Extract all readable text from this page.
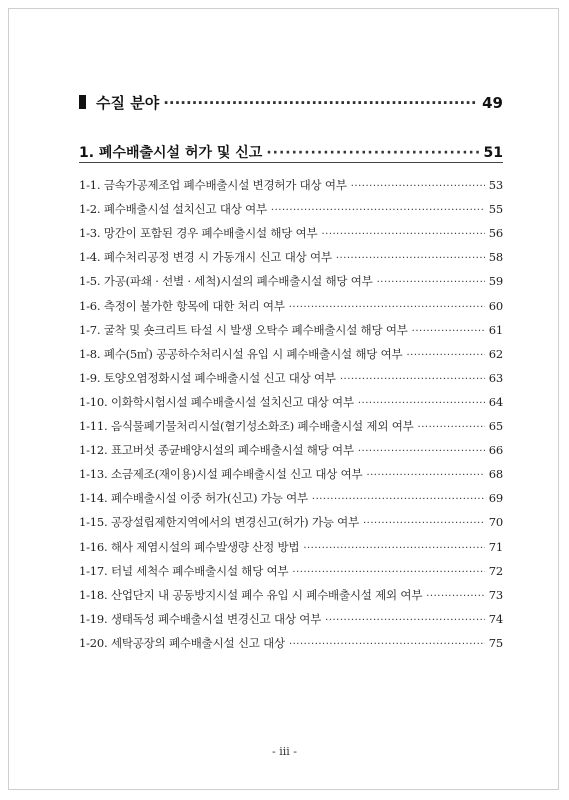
수질 분야 ·····	49
1. 폐수배출시설 허가 및 신고 ·····	51
1-1. 금속가공제조업 폐수배출시설 변경허가 대상 여부 ·····	53
1-2. 폐수배출시설 설치신고 대상 여부 ·····	55
1-3. 망간이 포함된 경우 폐수배출시설 해당 여부 ·····	56
1-4. 폐수처리공정 변경 시 가동개시 신고 대상 여부 ·····	58
1-5. 가공(파쇄 · 선별 · 세척)시설의 폐수배출시설 해당 여부 ·····	59
1-6. 측정이 불가한 항목에 대한 처리 여부 ·····	60
1-7. 굴착 및 숏크리트 타설 시 발생 오탁수 폐수배출시설 해당 여부 ·····	61
1-8. 폐수(5㎥) 공공하수처리시설 유입 시 폐수배출시설 해당 여부 ·····	62
1-9. 토양오염정화시설 폐수배출시설 신고 대상 여부 ·····	63
1-10. 이화학시험시설 폐수배출시설 설치신고 대상 여부 ·····	64
1-11. 음식물폐기물처리시설(혐기성소화조) 폐수배출시설 제외 여부 ·····	65
1-12. 표고버섯 종균배양시설의 폐수배출시설 해당 여부 ·····	66
1-13. 소금제조(재이용)시설 폐수배출시설 신고 대상 여부 ·····	68
1-14. 폐수배출시설 이중 허가(신고) 가능 여부 ·····	69
1-15. 공장설립제한지역에서의 변경신고(허가) 가능 여부 ·····	70
1-16. 해사 제염시설의 폐수발생량 산정 방법 ·····	71
1-17. 터널 세척수 폐수배출시설 해당 여부 ·····	72
1-18. 산업단지 내 공동방지시설 폐수 유입 시 폐수배출시설 제외 여부 ·····	73
1-19. 생태독성 폐수배출시설 변경신고 대상 여부 ·····	74
1-20. 세탁공장의 폐수배출시설 신고 대상 ·····	75
- iii -
